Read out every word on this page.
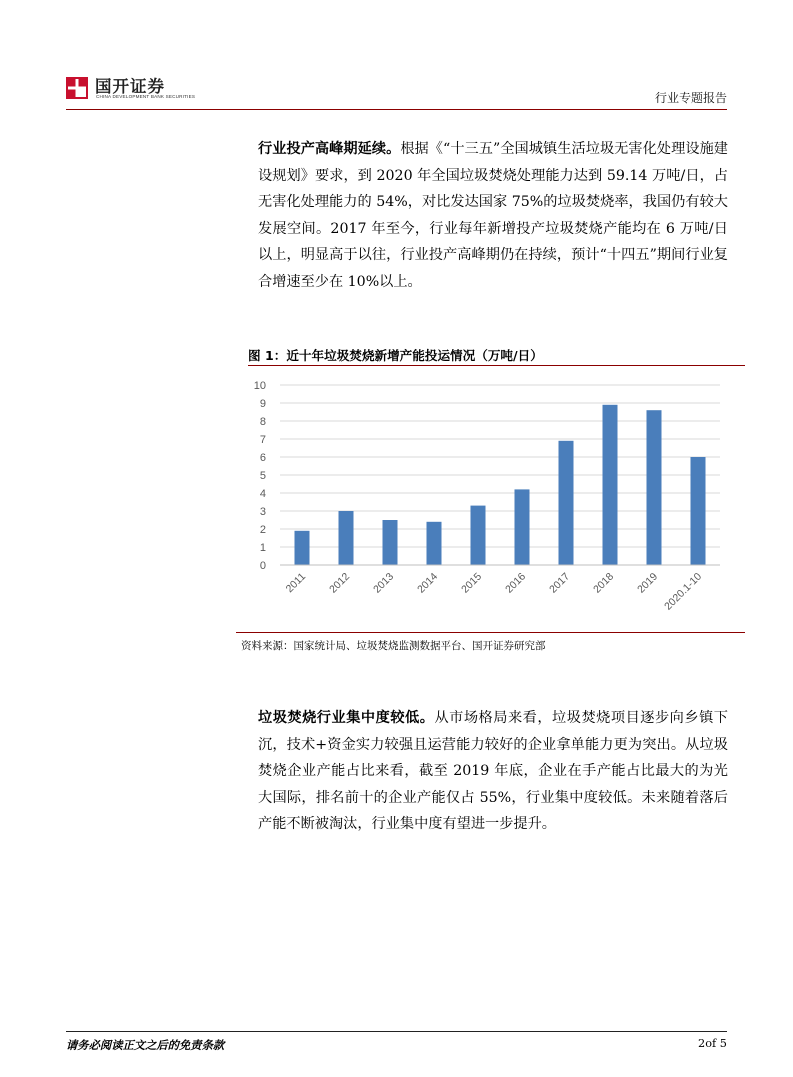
国开证券
CHINA DEVELOPMENT BANK SECURITIES	行业专题报告
行业投产高峰期延续。根据《“十三五”全国城镇生活垃圾无害化处理设施建设规划》要求，到 2020 年全国垃圾焚烧处理能力达到 59.14 万吨/日，占无害化处理能力的 54%，对比发达国家 75%的垃圾焚烧率，我国仍有较大发展空间。2017 年至今，行业每年新增投产垃圾焚烧产能均在 6 万吨/日以上，明显高于以往，行业投产高峰期仍在持续，预计“十四五”期间行业复合增速至少在 10%以上。
图 1：近十年垃圾焚烧新增产能投运情况（万吨/日）
0
1
2
3
4
5
6
7
8
9
10
2011 2012 2013 2014 2015 2016 2017 2018 2019 2020.1-10
资料来源：国家统计局、垃圾焚烧监测数据平台、国开证券研究部
垃圾焚烧行业集中度较低。从市场格局来看，垃圾焚烧项目逐步向乡镇下沉，技术+资金实力较强且运营能力较好的企业拿单能力更为突出。从垃圾焚烧企业产能占比来看，截至 2019 年底，企业在手产能占比最大的为光大国际，排名前十的企业产能仅占 55%，行业集中度较低。未来随着落后产能不断被淘汰，行业集中度有望进一步提升。
请务必阅读正文之后的免责条款	2of 5
